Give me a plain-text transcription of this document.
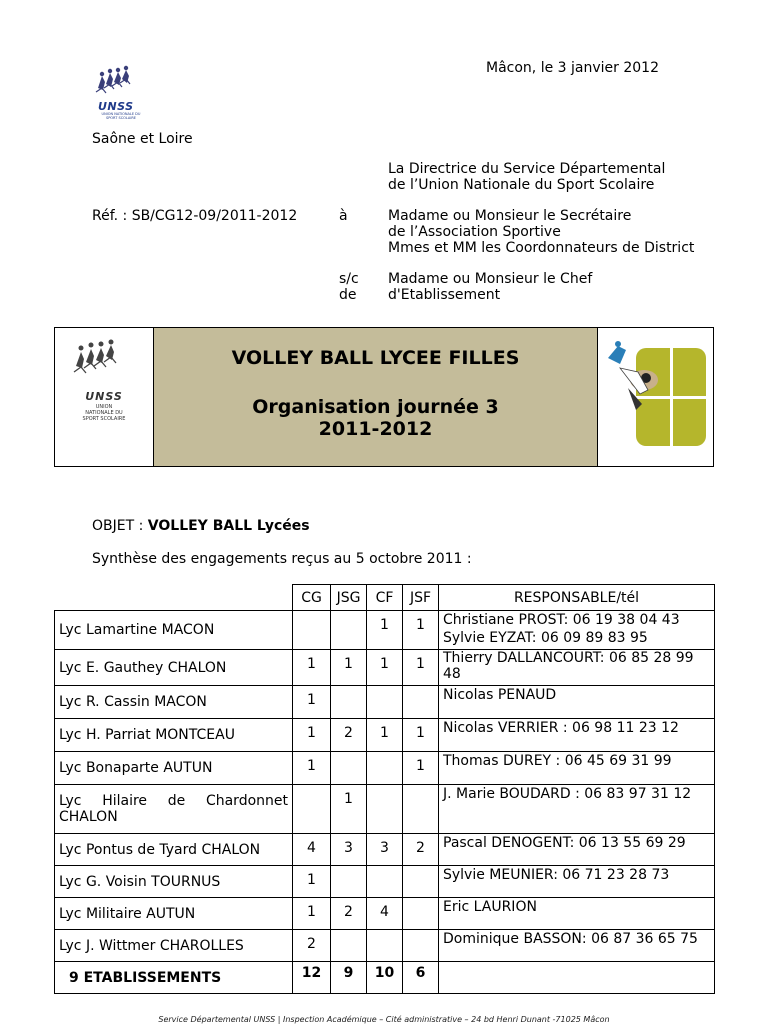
UNSS
UNION NATIONALE DU SPORT SCOLAIRE
Mâcon, le 3 janvier 2012
Saône et Loire
La Directrice du Service Départemental
de l’Union Nationale du Sport Scolaire
Réf. : SB/CG12-09/2011-2012	à	Madame ou Monsieur le Secrétaire
de l’Association Sportive
Mmes et MM les Coordonnateurs de District
s/c
de
Madame ou Monsieur le Chef
d'Etablissement
UNSS
UNION NATIONALE DU SPORT SCOLAIRE
VOLLEY BALL LYCEE FILLES
Organisation journée 3
2011-2012
OBJET : VOLLEY BALL Lycées
Synthèse des engagements reçus au 5 octobre 2011 :
	CG	JSG	CF	JSF	RESPONSABLE/tél
Lyc Lamartine MACON			1	1	Christiane PROST: 06 19 38 04 43
Sylvie EYZAT: 06 09 89 83 95

Lyc E. Gauthey CHALON	1	1	1	1	Thierry DALLANCOURT: 06 85 28 99
48

Lyc R. Cassin MACON	1				Nicolas PENAUD

Lyc H. Parriat MONTCEAU	1	2	1	1	Nicolas VERRIER : 06 98 11 23 12

Lyc Bonaparte AUTUN	1			1	Thomas DUREY : 06 45 69 31 99

Lyc Hilaire de Chardonnet CHALON		1			J. Marie BOUDARD : 06 83 97 31 12

Lyc Pontus de Tyard CHALON	4	3	3	2	Pascal DENOGENT: 06 13 55 69 29

Lyc G. Voisin TOURNUS	1				Sylvie MEUNIER: 06 71 23 28 73

Lyc Militaire AUTUN	1	2	4		Eric LAURION

Lyc J. Wittmer CHAROLLES	2				Dominique BASSON: 06 87 36 65 75

9 ETABLISSEMENTS	12	9	10	6	
Service Départemental UNSS | Inspection Académique – Cité administrative – 24 bd Henri Dunant -71025 Mâcon
